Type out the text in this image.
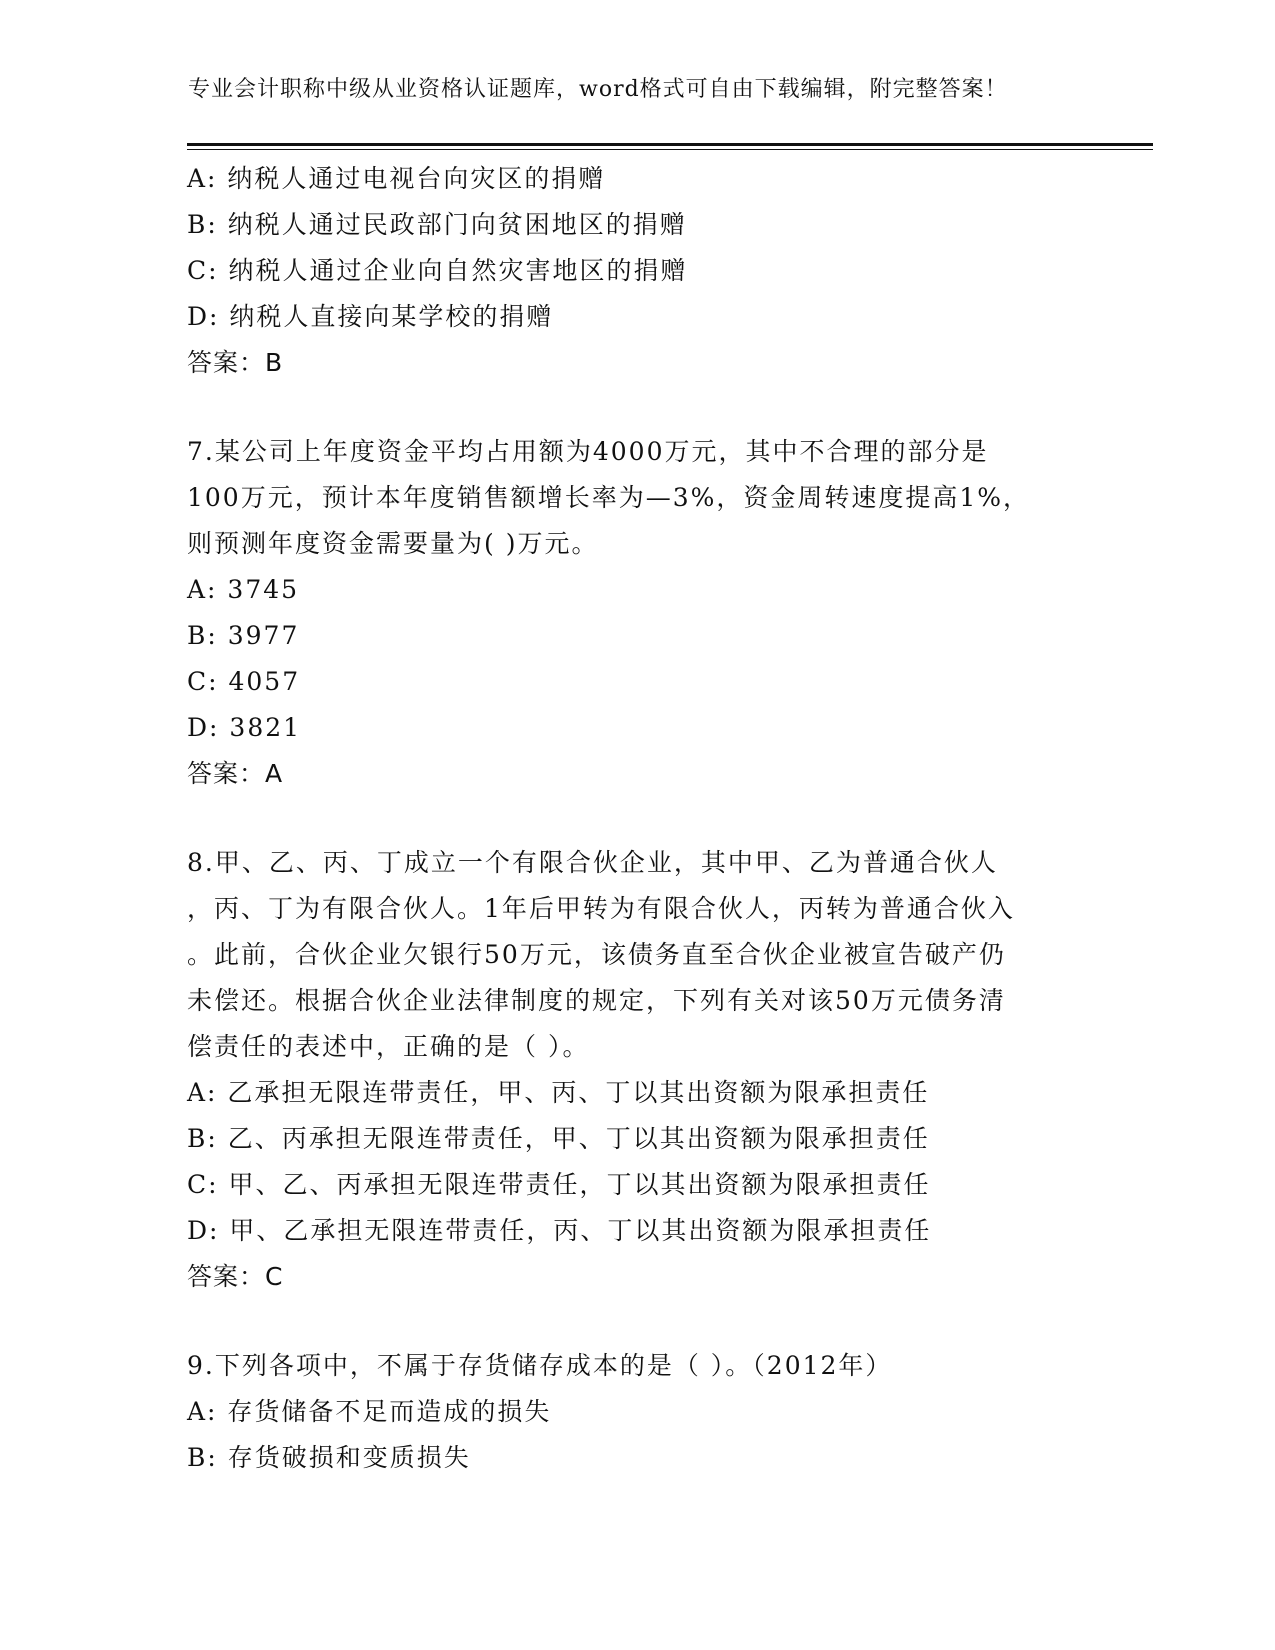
专业会计职称中级从业资格认证题库，word格式可自由下载编辑，附完整答案！
A: 纳税人通过电视台向灾区的捐赠
B: 纳税人通过民政部门向贫困地区的捐赠
C: 纳税人通过企业向自然灾害地区的捐赠
D: 纳税人直接向某学校的捐赠
答案：B
7.某公司上年度资金平均占用额为4000万元，其中不合理的部分是
100万元，预计本年度销售额增长率为—3%，资金周转速度提高1%，
则预测年度资金需要量为( )万元。
A: 3745
B: 3977
C: 4057
D: 3821
答案：A
8.甲、乙、丙、丁成立一个有限合伙企业，其中甲、乙为普通合伙人
，丙、丁为有限合伙人。1年后甲转为有限合伙人，丙转为普通合伙入
。此前，合伙企业欠银行50万元，该债务直至合伙企业被宣告破产仍
未偿还。根据合伙企业法律制度的规定，下列有关对该50万元债务清
偿责任的表述中，正确的是（ ）。
A: 乙承担无限连带责任，甲、丙、丁以其出资额为限承担责任
B: 乙、丙承担无限连带责任，甲、丁以其出资额为限承担责任
C: 甲、乙、丙承担无限连带责任，丁以其出资额为限承担责任
D: 甲、乙承担无限连带责任，丙、丁以其出资额为限承担责任
答案：C
9.下列各项中，不属于存货储存成本的是（ ）。（2012年）
A: 存货储备不足而造成的损失
B: 存货破损和变质损失
